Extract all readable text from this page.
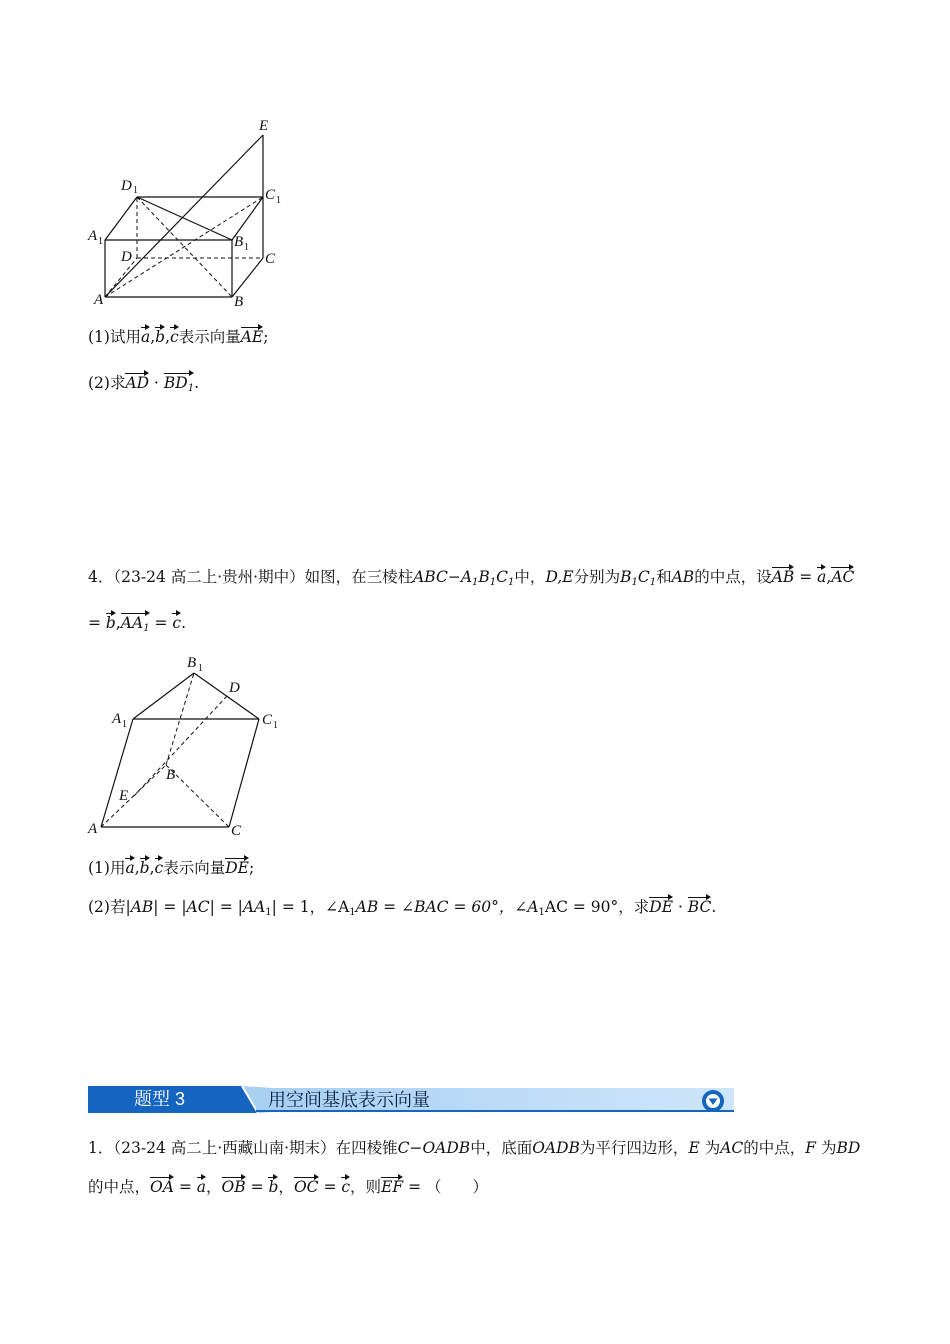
E
D 1	C 1
A 1	B 1
D	C
A	B
(1)试用a,b,c表示向量AE;
(2)求AD · $BD_1$.
4．（23-24 高二上·贵州·期中）如图，在三棱柱$ABC-A_1B_1C_1$中，D,E分别为$B_1C_1$和AB的中点，设AB = a,AC
= $b,AA_1 = c$.
B 1
D
A 1	C 1
B
E
A	C
(1)用a,b,c表示向量DE;
(2)若$|AB| = |AC| = |AA_1| = 1$，$\angle A_1AB$ = ∠BAC = 60°，$\angle A_1AC = 90^\circ$，求DE · BC.
题型 3	用空间基底表示向量
1．（23-24 高二上·西藏山南·期末）在四棱锥C−OADB中，底面OADB为平行四边形，E 为AC的中点，F 为BD
的中点，OA = a，OB = b，OC = c，则EF = （　　）
